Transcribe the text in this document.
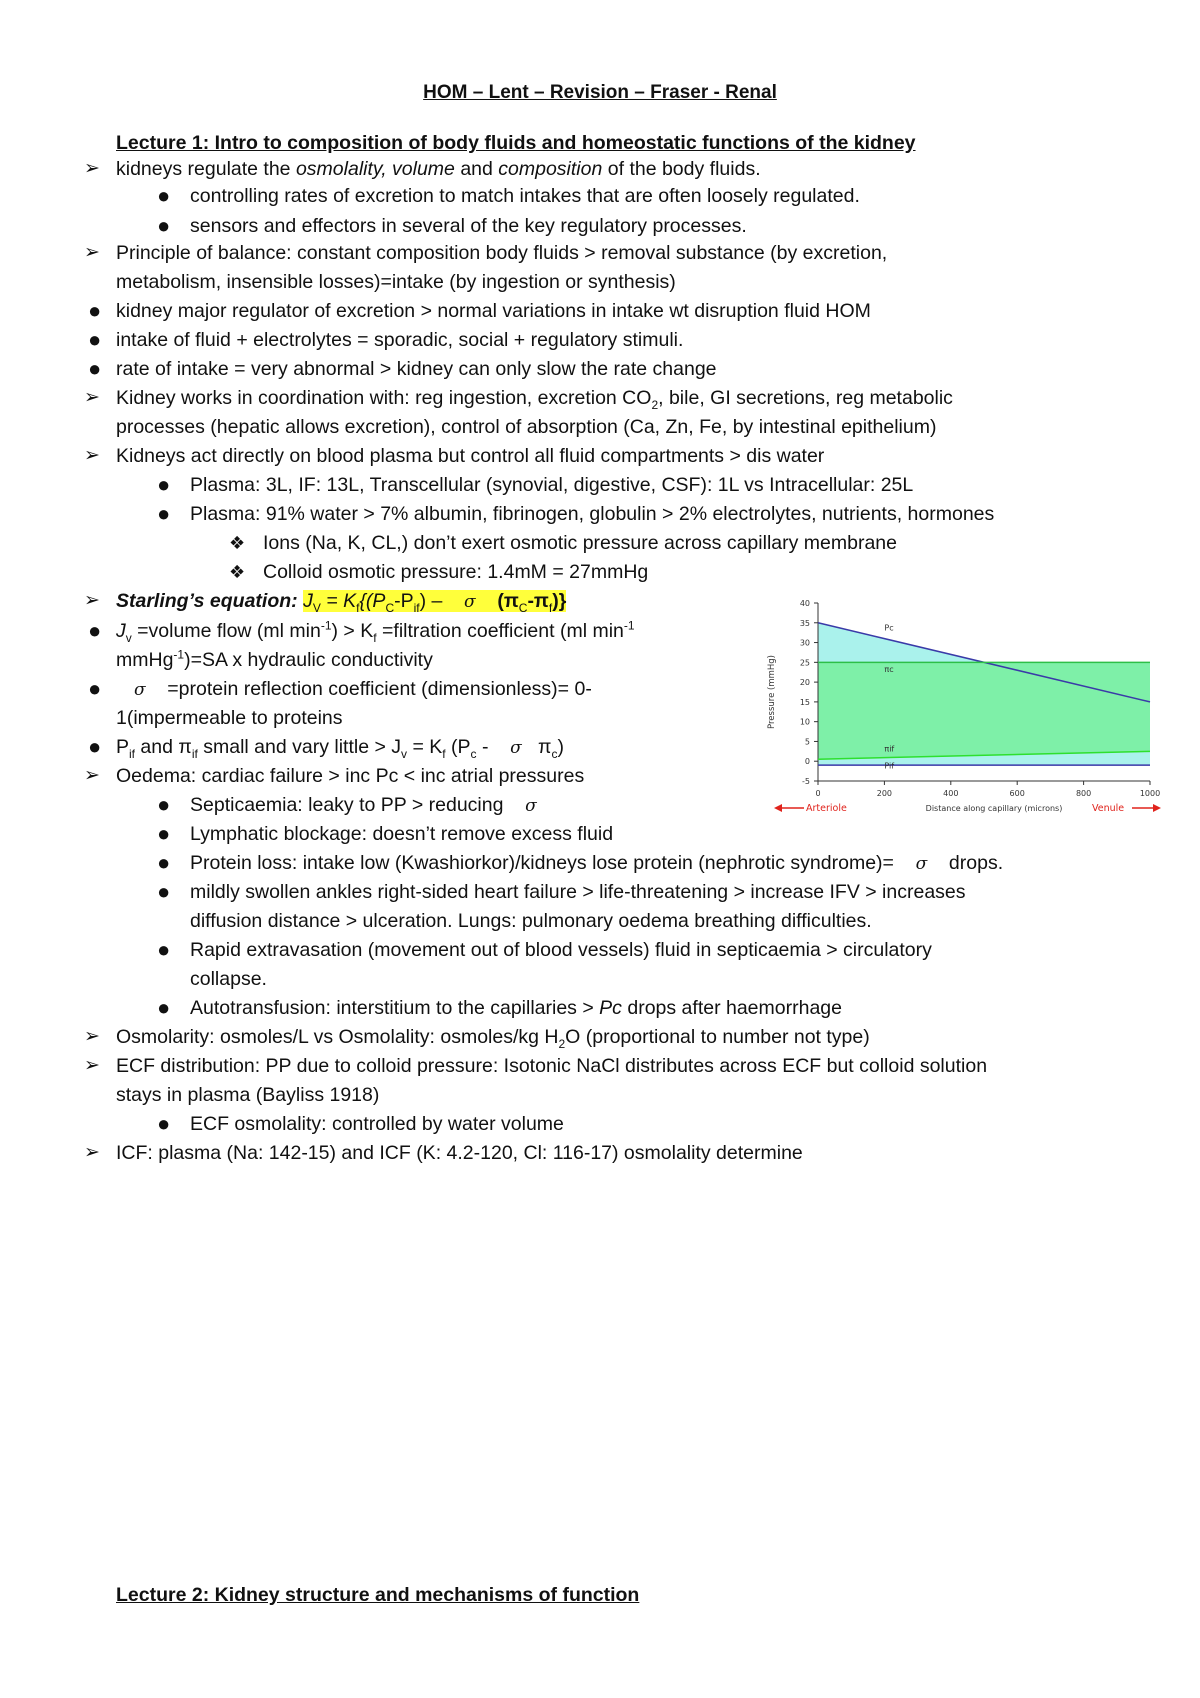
HOM – Lent – Revision – Fraser - Renal
Lecture 1: Intro to composition of body fluids and homeostatic functions of the kidney
➢ kidneys regulate the osmolality, volume and composition of the body fluids.
● controlling rates of excretion to match intakes that are often loosely regulated.
● sensors and effectors in several of the key regulatory processes.
➢ Principle of balance: constant composition body fluids > removal substance (by excretion,
metabolism, insensible losses)=intake (by ingestion or synthesis)
● kidney major regulator of excretion > normal variations in intake wt disruption fluid HOM
● intake of fluid + electrolytes = sporadic, social + regulatory stimuli.
● rate of intake = very abnormal > kidney can only slow the rate change
➢ Kidney works in coordination with: reg ingestion, excretion $CO_2$, bile, GI secretions, reg metabolic
processes (hepatic allows excretion), control of absorption (Ca, Zn, Fe, by intestinal epithelium)
➢ Kidneys act directly on blood plasma but control all fluid compartments > dis water
● Plasma: 3L, IF: 13L, Transcellular (synovial, digestive, CSF): 1L vs Intracellular: 25L
● Plasma: 91% water > 7% albumin, fibrinogen, globulin > 2% electrolytes, nutrients, hormones
❖ Ions (Na, K, CL,) don’t exert osmotic pressure across capillary membrane
❖ Colloid osmotic pressure: 1.4mM = 27mmHg
➢ Starling’s equation: $J_V = K_f\{(P_C-P_{if}) - \sigma$ $(\pi_C-\pi_f)$}
● $J_v$ =volume flow (ml $\min^{-1}) > K_f$ =filtration coefficient (ml $\min^{-1}$
mmHg$^{-1}$)=SA x hydraulic conductivity
● σ    =protein reflection coefficient (dimensionless)= 0-
1(impermeable to proteins
● $P_{if}$ and $\pi_{if}$ small and vary little > $J_v = K_f$ ($P_c$ -    σ   $\pi_c$)
➢ Oedema: cardiac failure > inc Pc < inc atrial pressures
● Septicaemia: leaky to PP > reducing    σ
● Lymphatic blockage: doesn’t remove excess fluid
● Protein loss: intake low (Kwashiorkor)/kidneys lose protein (nephrotic syndrome)=    σ    drops.
● mildly swollen ankles right-sided heart failure > life-threatening > increase IFV > increases
diffusion distance > ulceration. Lungs: pulmonary oedema breathing difficulties.
● Rapid extravasation (movement out of blood vessels) fluid in septicaemia > circulatory
collapse.
● Autotransfusion: interstitium to the capillaries > Pc drops after haemorrhage
➢ Osmolarity: osmoles/L vs Osmolality: osmoles/kg $H_2O$ (proportional to number not type)
➢ ECF distribution: PP due to colloid pressure: Isotonic NaCl distributes across ECF but colloid solution
stays in plasma (Bayliss 1918)
● ECF osmolality: controlled by water volume
➢ ICF: plasma (Na: 142-15) and ICF (K: 4.2-120, Cl: 116-17) osmolality determine
Lecture 2: Kidney structure and mechanisms of function
-5
0
5
10
15
20
25
30
35
40
0	200	400	600	800	1000
Pc
πc
πif
Pif
Pressure (mmHg)
Distance along capillary (microns)
Arteriole	Venule
